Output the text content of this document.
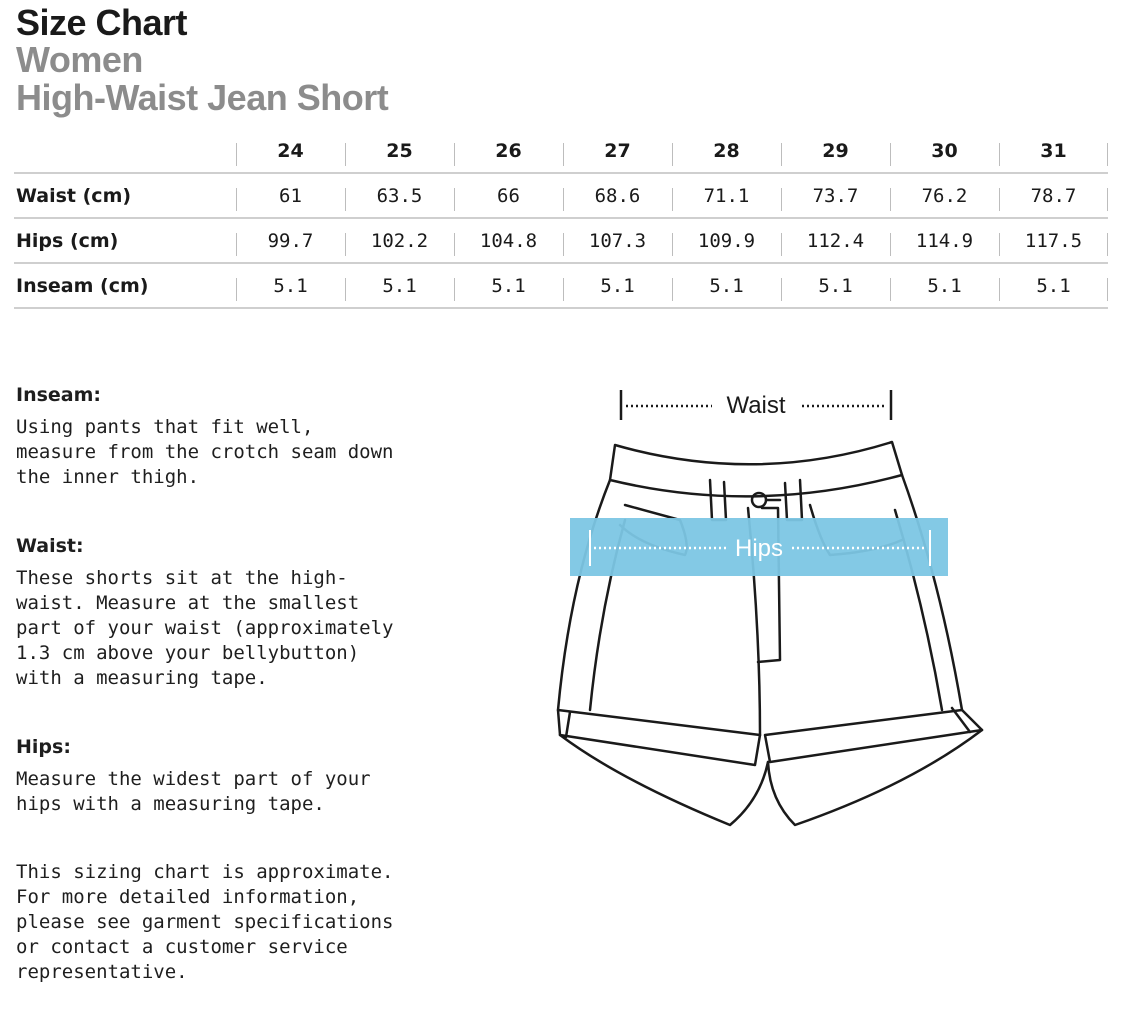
Size Chart
Women
High-Waist Jean Short
	24	25	26	27	28	29	30	31
Waist (cm)	61	63.5	66	68.6	71.1	73.7	76.2	78.7
Hips (cm)	99.7	102.2	104.8	107.3	109.9	112.4	114.9	117.5
Inseam (cm)	5.1	5.1	5.1	5.1	5.1	5.1	5.1	5.1
Inseam:

Using pants that fit well, measure from the crotch seam down the inner thigh.

Waist:

These shorts sit at the high-waist. Measure at the smallest part of your waist (approximately 1.3 cm above your bellybutton) with a measuring tape.

Hips:

Measure the widest part of your hips with a measuring tape.

This sizing chart is approximate. For more detailed information, please see garment specifications or contact a customer service representative.

Hips
Waist
